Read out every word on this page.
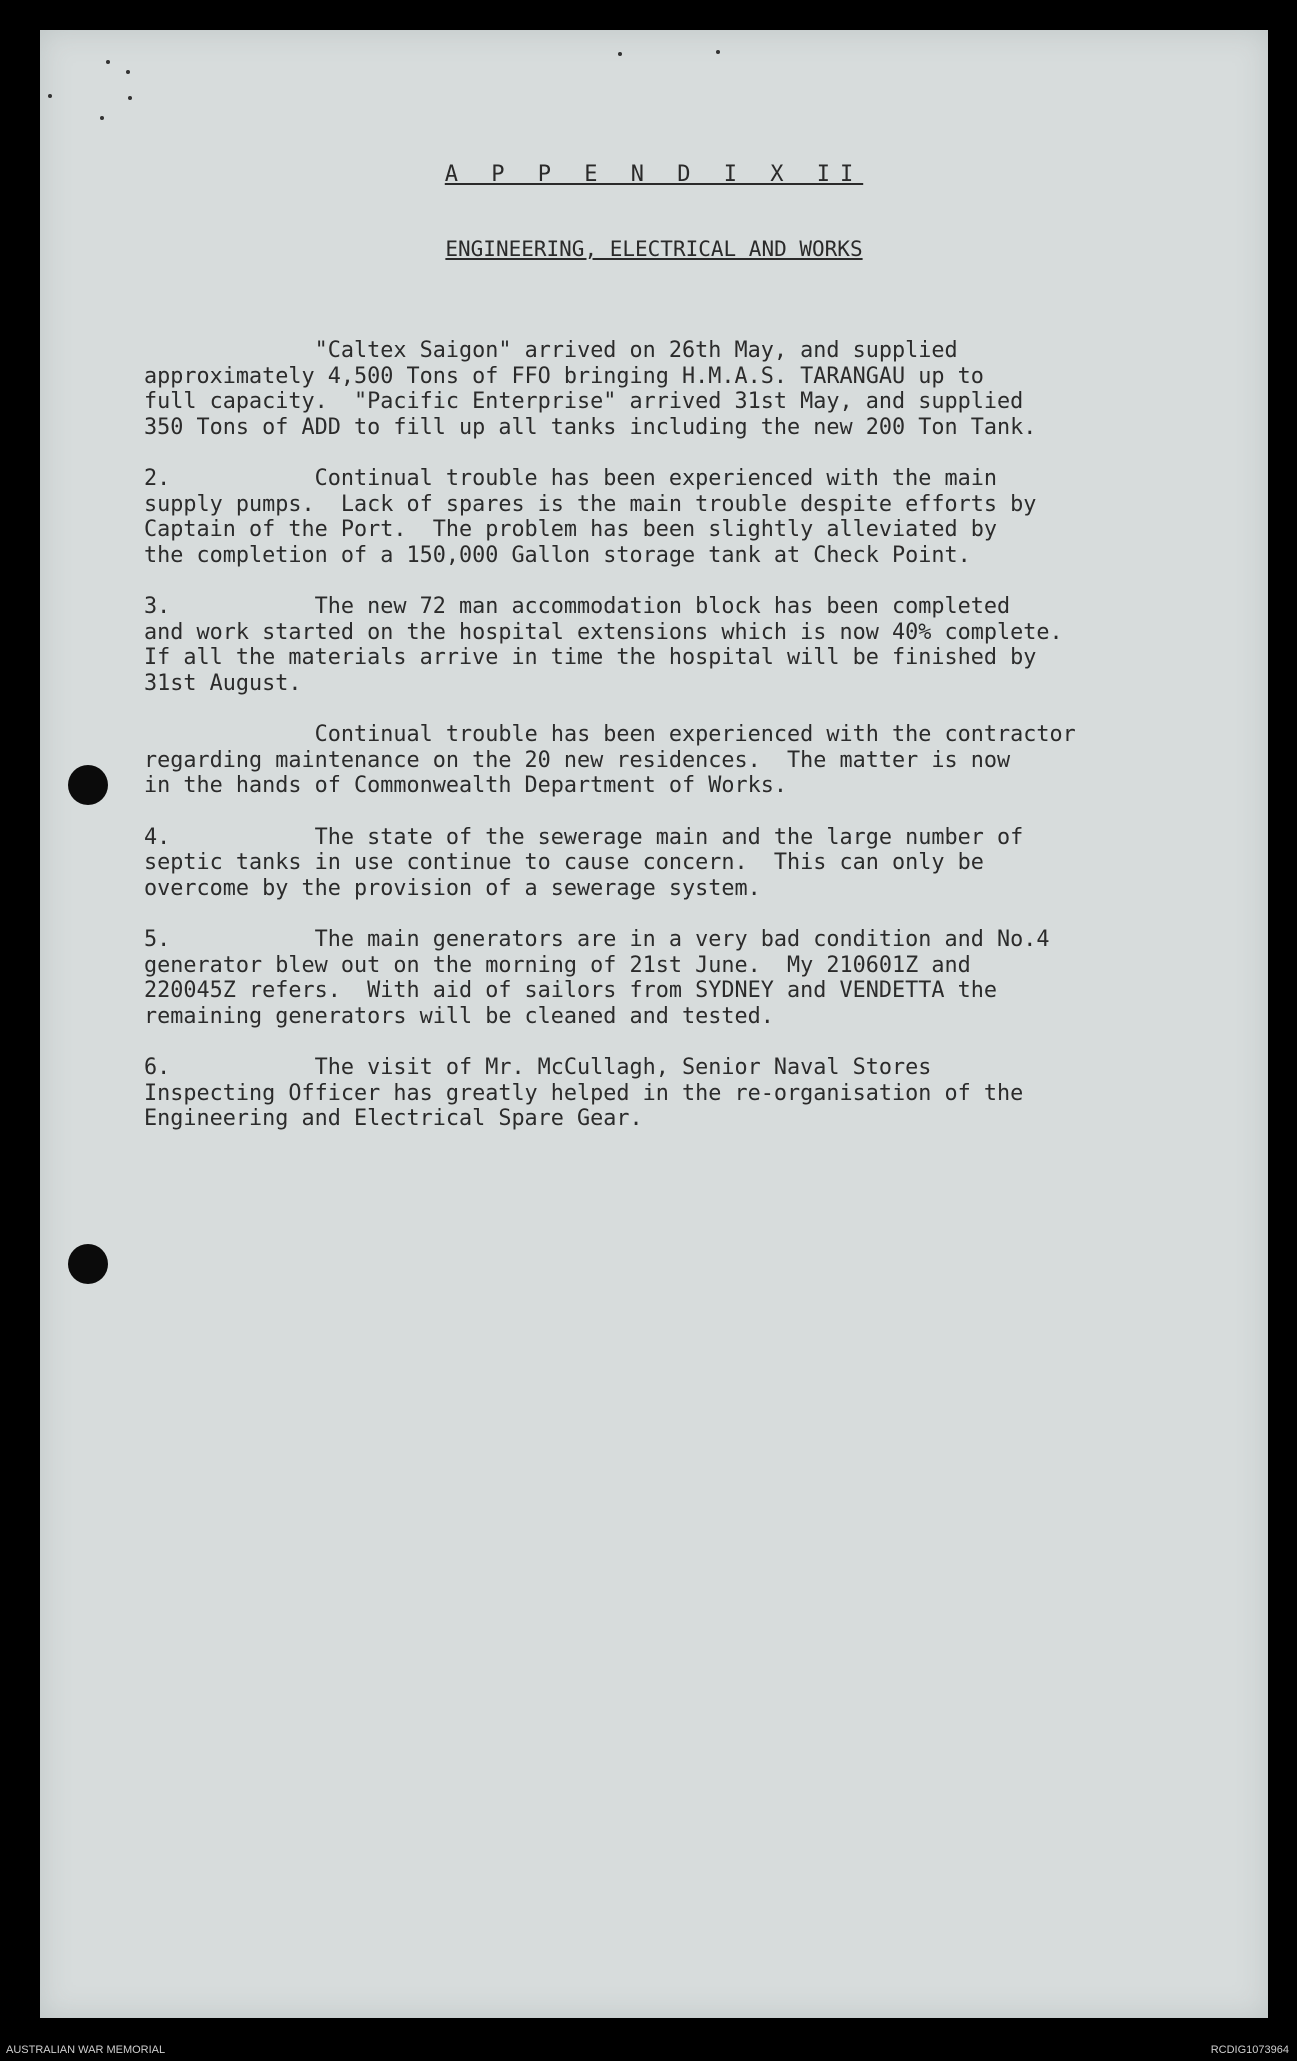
A P P E N D I X II
ENGINEERING, ELECTRICAL AND WORKS

"Caltex Saigon" arrived on 26th May, and supplied
approximately 4,500 Tons of FFO bringing H.M.A.S. TARANGAU up to
full capacity.  "Pacific Enterprise" arrived 31st May, and supplied
350 Tons of ADD to fill up all tanks including the new 200 Ton Tank.

2.           Continual trouble has been experienced with the main
supply pumps.  Lack of spares is the main trouble despite efforts by
Captain of the Port.  The problem has been slightly alleviated by
the completion of a 150,000 Gallon storage tank at Check Point.

3.           The new 72 man accommodation block has been completed
and work started on the hospital extensions which is now 40% complete.
If all the materials arrive in time the hospital will be finished by
31st August.

Continual trouble has been experienced with the contractor
regarding maintenance on the 20 new residences.  The matter is now
in the hands of Commonwealth Department of Works.

4.           The state of the sewerage main and the large number of
septic tanks in use continue to cause concern.  This can only be
overcome by the provision of a sewerage system.

5.           The main generators are in a very bad condition and No.4
generator blew out on the morning of 21st June.  My 210601Z and
220045Z refers.  With aid of sailors from SYDNEY and VENDETTA the
remaining generators will be cleaned and tested.

6.           The visit of Mr. McCullagh, Senior Naval Stores
Inspecting Officer has greatly helped in the re-organisation of the
Engineering and Electrical Spare Gear.

AUSTRALIAN WAR MEMORIAL	RCDIG1073964
